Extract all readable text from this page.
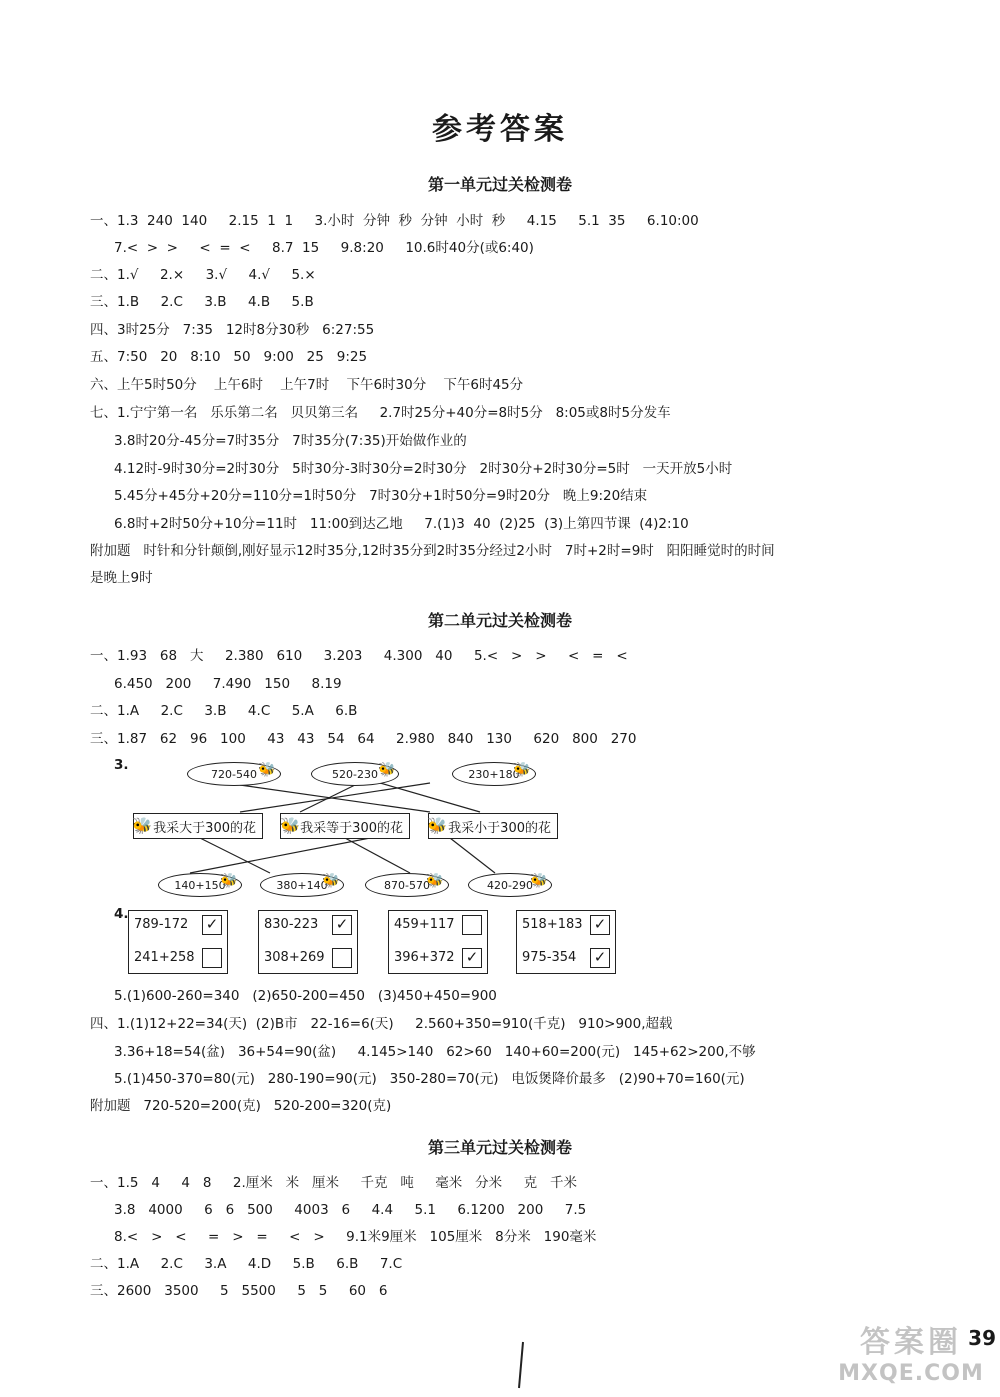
参考答案
第一单元过关检测卷
一、1.3  240  140     2.15  1  1     3.小时  分钟  秒  分钟  小时  秒     4.15     5.1  35     6.10:00
7.<  >  >     <  =  <     8.7  15     9.8:20     10.6时40分(或6:40)
二、1.√     2.×     3.√     4.√     5.×
三、1.B     2.C     3.B     4.B     5.B
四、3时25分   7:35   12时8分30秒   6:27:55
五、7:50   20   8:10   50   9:00   25   9:25
六、上午5时50分    上午6时    上午7时    下午6时30分    下午6时45分
七、1.宁宁第一名   乐乐第二名   贝贝第三名     2.7时25分+40分=8时5分   8:05或8时5分发车
3.8时20分-45分=7时35分   7时35分(7:35)开始做作业的
4.12时-9时30分=2时30分   5时30分-3时30分=2时30分   2时30分+2时30分=5时   一天开放5小时
5.45分+45分+20分=110分=1时50分   7时30分+1时50分=9时20分   晚上9:20结束
6.8时+2时50分+10分=11时   11:00到达乙地     7.(1)3  40  (2)25  (3)上第四节课  (4)2:10
附加题   时针和分针颠倒,刚好显示12时35分,12时35分到2时35分经过2小时   7时+2时=9时   阳阳睡觉时的时间
是晚上9时
第二单元过关检测卷
一、1.93   68   大     2.380   610     3.203     4.300   40     5.<   >   >     <   =   <
6.450   200     7.490   150     8.19
二、1.A     2.C     3.B     4.C     5.A     6.B
三、1.87   62   96   100     43   43   54   64     2.980   840   130     620   800   270
3.
720-540 🐝	520-230 🐝	230+180
🐝
我采大于300的花
🐝	我采等于300的花
🐝	我采小于300的花
🐝
140+150
🐝	380+140
🐝	870-570
🐝	420-290
🐝
4.
789-172 ✓
241+258
830-223 ✓
308+269
459+117
396+372 ✓
518+183 ✓
975-354 ✓
5.(1)600-260=340   (2)650-200=450   (3)450+450=900
四、1.(1)12+22=34(天)  (2)B市   22-16=6(天)     2.560+350=910(千克)   910>900,超载
3.36+18=54(盆)   36+54=90(盆)     4.145>140   62>60   140+60=200(元)   145+62>200,不够
5.(1)450-370=80(元)   280-190=90(元)   350-280=70(元)   电饭煲降价最多   (2)90+70=160(元)
附加题   720-520=200(克)   520-200=320(克)
第三单元过关检测卷
一、1.5   4     4   8     2.厘米   米   厘米     千克   吨     毫米   分米     克   千米
3.8   4000     6   6   500     4003   6     4.4     5.1     6.1200   200     7.5
8.<   >   <     =   >   =     <   >     9.1米9厘米   105厘米   8分米   190毫米
二、1.A     2.C     3.A     4.D     5.B     6.B     7.C
三、2600   3500     5   5500     5   5     60   6
39
答案圈
MXQE.COM
